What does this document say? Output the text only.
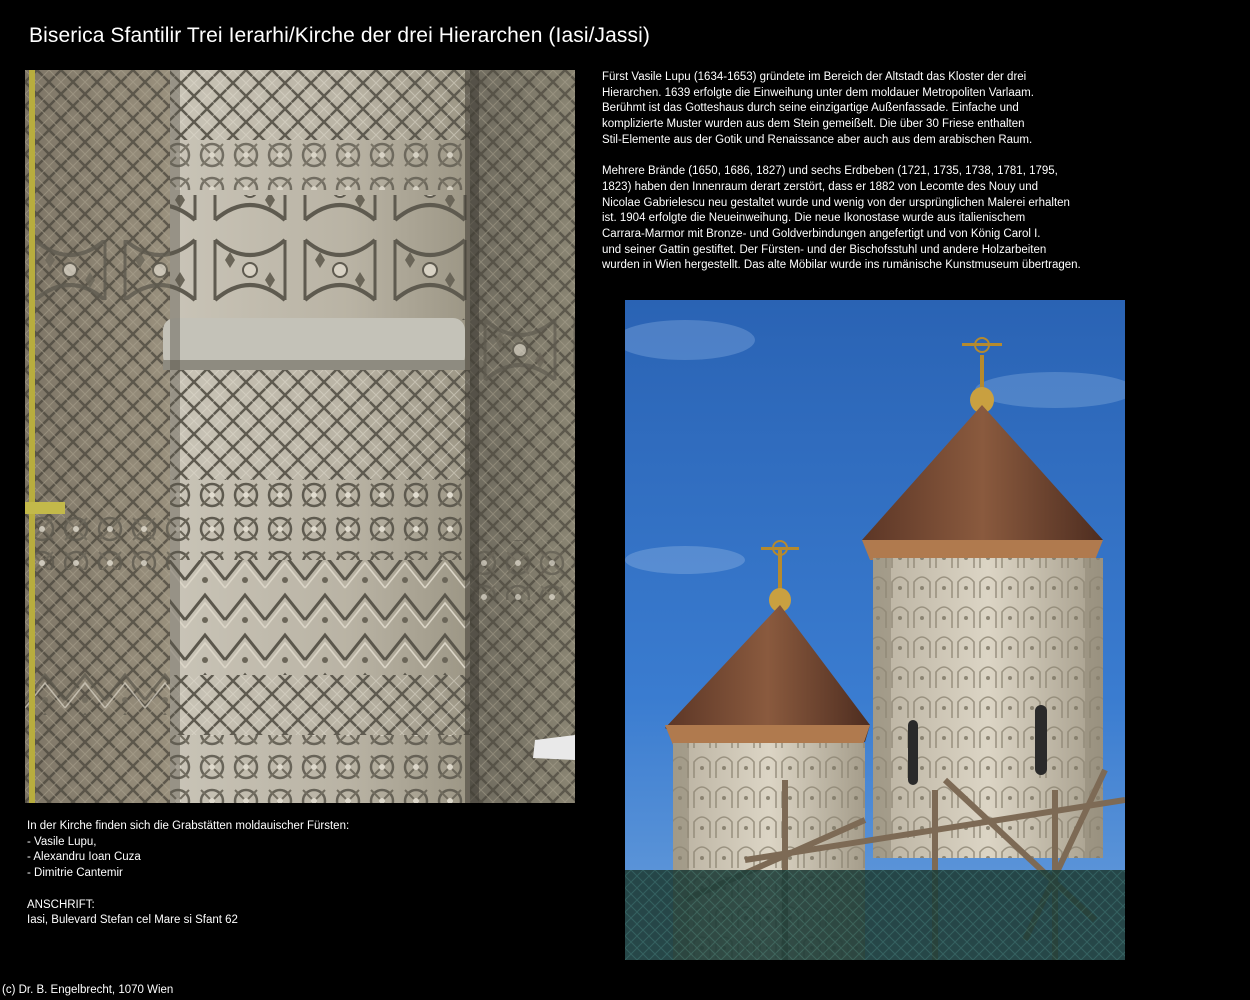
Biserica Sfantilir Trei Ierarhi/Kirche der drei Hierarchen (Iasi/Jassi)

Fürst Vasile Lupu (1634-1653) gründete im Bereich der Altstadt das Kloster der drei

Hierarchen. 1639 erfolgte die Einweihung unter dem moldauer Metropoliten Varlaam.

Berühmt ist das Gotteshaus durch seine einzigartige Außenfassade. Einfache und

komplizierte Muster wurden aus dem Stein gemeißelt. Die über 30 Friese enthalten

Stil-Elemente aus der Gotik und Renaissance aber auch aus dem arabischen Raum.

Mehrere Brände (1650, 1686, 1827) und sechs Erdbeben (1721, 1735, 1738, 1781, 1795,

1823) haben den Innenraum derart zerstört, dass er 1882 von Lecomte des Nouy und

Nicolae Gabrielescu neu gestaltet wurde und wenig von der ursprünglichen Malerei erhalten

ist. 1904 erfolgte die Neueinweihung. Die neue Ikonostase wurde aus italienischem

Carrara-Marmor mit Bronze- und Goldverbindungen angefertigt und von König Carol I.

und seiner Gattin gestiftet. Der Fürsten- und der Bischofsstuhl und andere Holzarbeiten

wurden in Wien hergestellt. Das alte Möbilar wurde ins rumänische Kunstmuseum übertragen.

In der Kirche finden sich die Grabstätten moldauischer Fürsten:

- Vasile Lupu,

- Alexandru Ioan Cuza

- Dimitrie Cantemir

ANSCHRIFT:

Iasi, Bulevard Stefan cel Mare si Sfant 62

(c) Dr. B. Engelbrecht, 1070 Wien
